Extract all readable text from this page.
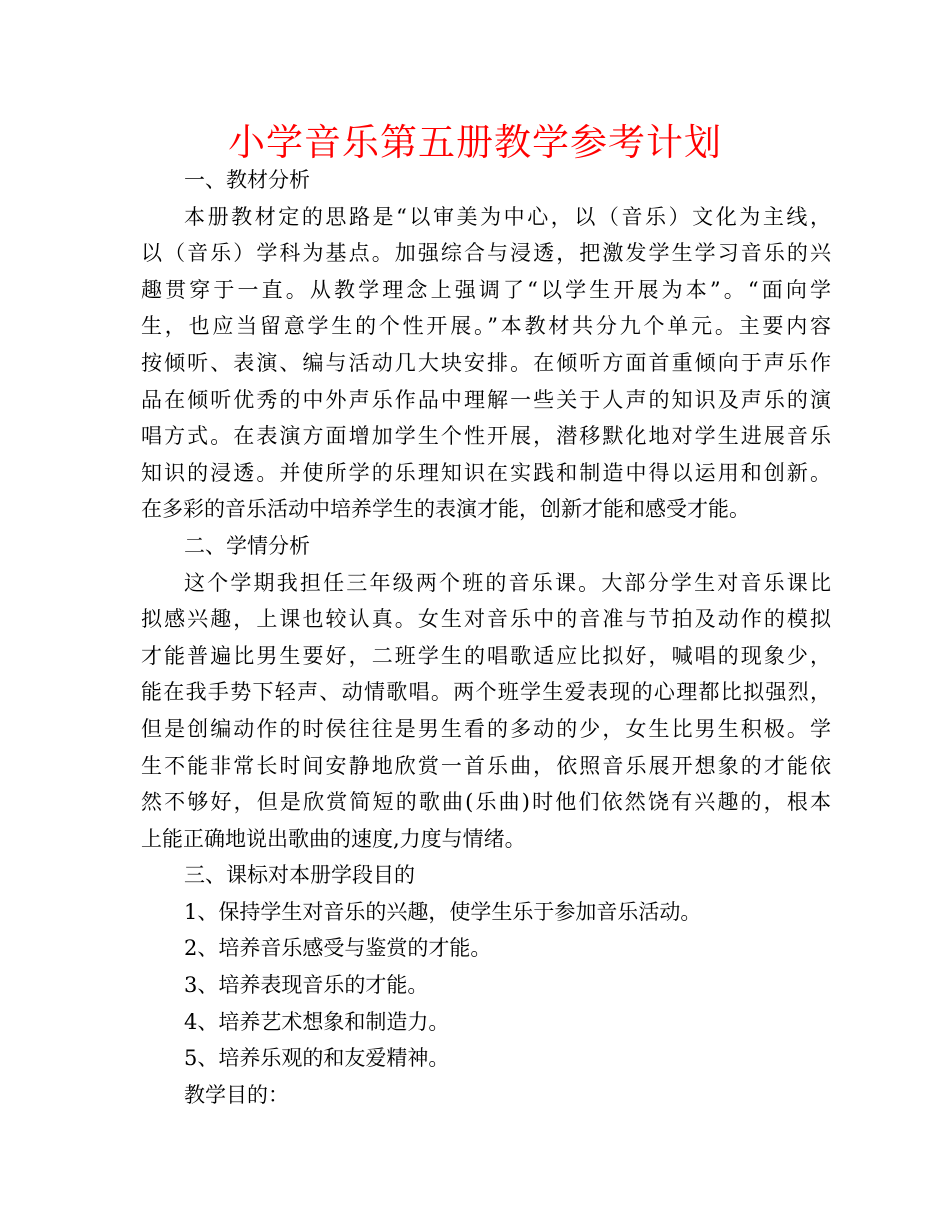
小学音乐第五册教学参考计划
一、教材分析
本册教材定的思路是“以审美为中心，以（音乐）文化为主线，
以（音乐）学科为基点。加强综合与浸透，把激发学生学习音乐的兴
趣贯穿于一直。从教学理念上强调了“以学生开展为本”。“面向学
生，也应当留意学生的个性开展。”本教材共分九个单元。主要内容
按倾听、表演、编与活动几大块安排。在倾听方面首重倾向于声乐作
品在倾听优秀的中外声乐作品中理解一些关于人声的知识及声乐的演
唱方式。在表演方面增加学生个性开展，潜移默化地对学生进展音乐
知识的浸透。并使所学的乐理知识在实践和制造中得以运用和创新。
在多彩的音乐活动中培养学生的表演才能，创新才能和感受才能。
二、学情分析
这个学期我担任三年级两个班的音乐课。大部分学生对音乐课比
拟感兴趣，上课也较认真。女生对音乐中的音准与节拍及动作的模拟
才能普遍比男生要好，二班学生的唱歌适应比拟好，喊唱的现象少，
能在我手势下轻声、动情歌唱。两个班学生爱表现的心理都比拟强烈，
但是创编动作的时侯往往是男生看的多动的少，女生比男生积极。学
生不能非常长时间安静地欣赏一首乐曲，依照音乐展开想象的才能依
然不够好，但是欣赏简短的歌曲(乐曲)时他们依然饶有兴趣的，根本
上能正确地说出歌曲的速度,力度与情绪。
三、课标对本册学段目的
1、保持学生对音乐的兴趣，使学生乐于参加音乐活动。
2、培养音乐感受与鉴赏的才能。
3、培养表现音乐的才能。
4、培养艺术想象和制造力。
5、培养乐观的和友爱精神。
教学目的：
